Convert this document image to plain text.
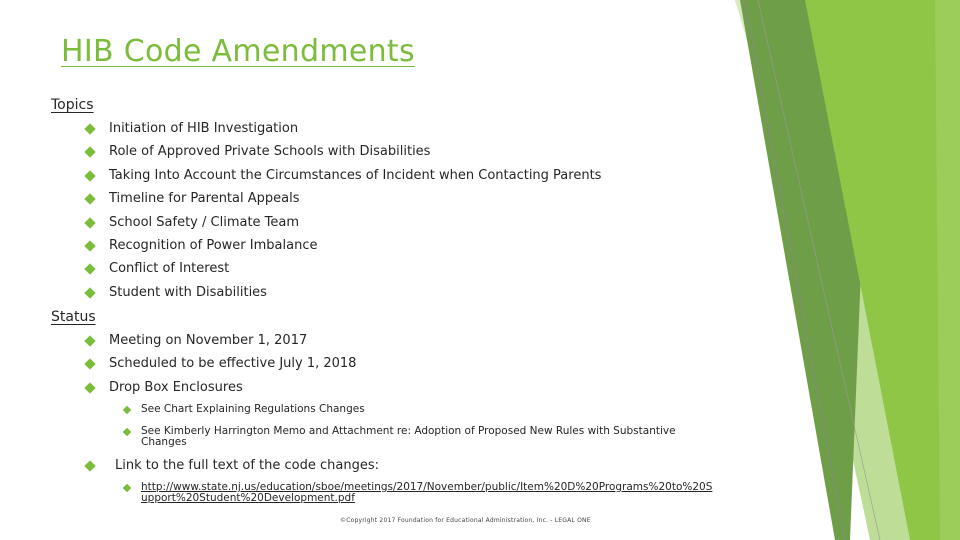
HIB Code Amendments
Topics
Initiation of HIB Investigation
Role of Approved Private Schools with Disabilities
Taking Into Account the Circumstances of Incident when Contacting Parents
Timeline for Parental Appeals
School Safety / Climate Team
Recognition of Power Imbalance
Conflict of Interest
Student with Disabilities
Status
Meeting on November 1, 2017
Scheduled to be effective July 1, 2018
Drop Box Enclosures
See Chart Explaining Regulations Changes
See Kimberly Harrington Memo and Attachment re: Adoption of Proposed New Rules with Substantive Changes
Link to the full text of the code changes:
http://www.state.nj.us/education/sboe/meetings/2017/November/public/Item%20D%20Programs%20to%20Support%20Student%20Development.pdf
©Copyright 2017 Foundation for Educational Administration, Inc. - LEGAL ONE
